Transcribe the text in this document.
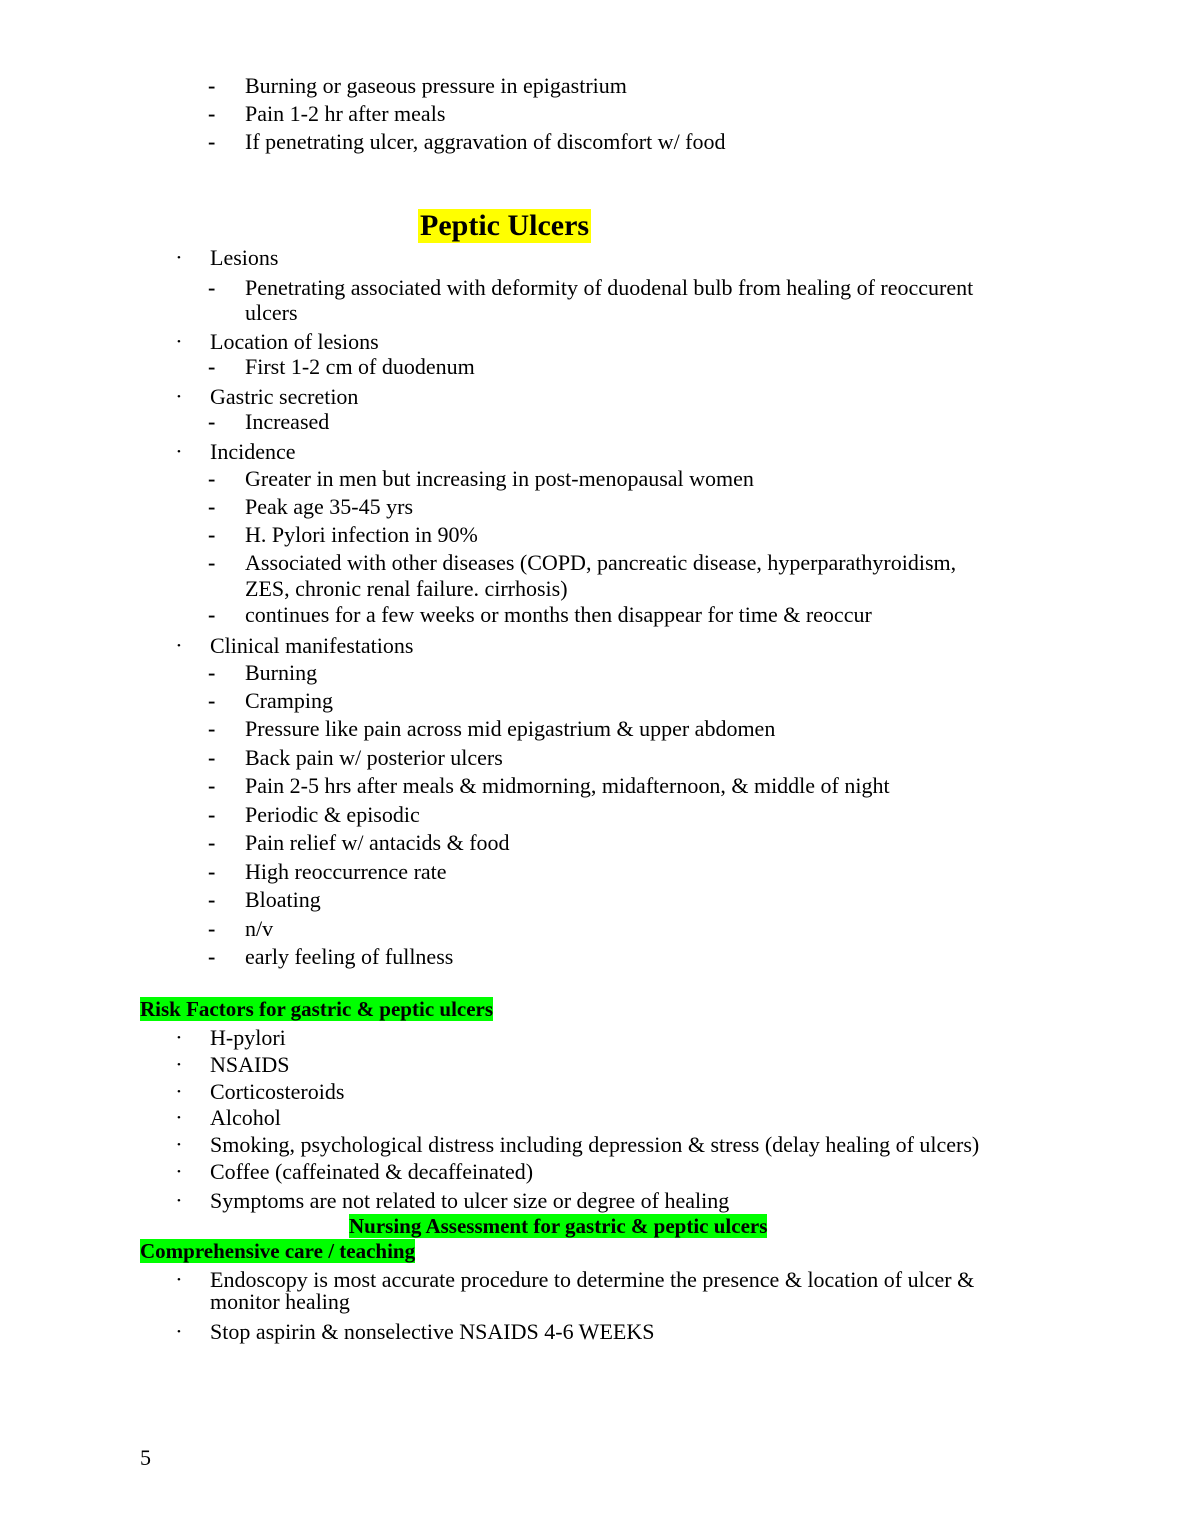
- Burning or gaseous pressure in epigastrium
- Pain 1-2 hr after meals
- If penetrating ulcer, aggravation of discomfort w/ food
Peptic Ulcers
• Lesions
- Penetrating associated with deformity of duodenal bulb from healing of reoccurent
ulcers
• Location of lesions
- First 1-2 cm of duodenum
• Gastric secretion
- Increased
• Incidence
- Greater in men but increasing in post-menopausal women
- Peak age 35-45 yrs
- H. Pylori infection in 90%
- Associated with other diseases (COPD, pancreatic disease, hyperparathyroidism,
ZES, chronic renal failure. cirrhosis)
- continues for a few weeks or months then disappear for time & reoccur
• Clinical manifestations
- Burning
- Cramping
- Pressure like pain across mid epigastrium & upper abdomen
- Back pain w/ posterior ulcers
- Pain 2-5 hrs after meals & midmorning, midafternoon, & middle of night
- Periodic & episodic
- Pain relief w/ antacids & food
- High reoccurrence rate
- Bloating
- n/v
- early feeling of fullness
Risk Factors for gastric & peptic ulcers
• H-pylori
• NSAIDS
• Corticosteroids
• Alcohol
• Smoking, psychological distress including depression & stress (delay healing of ulcers)
• Coffee (caffeinated & decaffeinated)
• Symptoms are not related to ulcer size or degree of healing
Nursing Assessment for gastric & peptic ulcers
Comprehensive care / teaching
• Endoscopy is most accurate procedure to determine the presence & location of ulcer &
monitor healing
• Stop aspirin & nonselective NSAIDS 4-6 WEEKS
5
